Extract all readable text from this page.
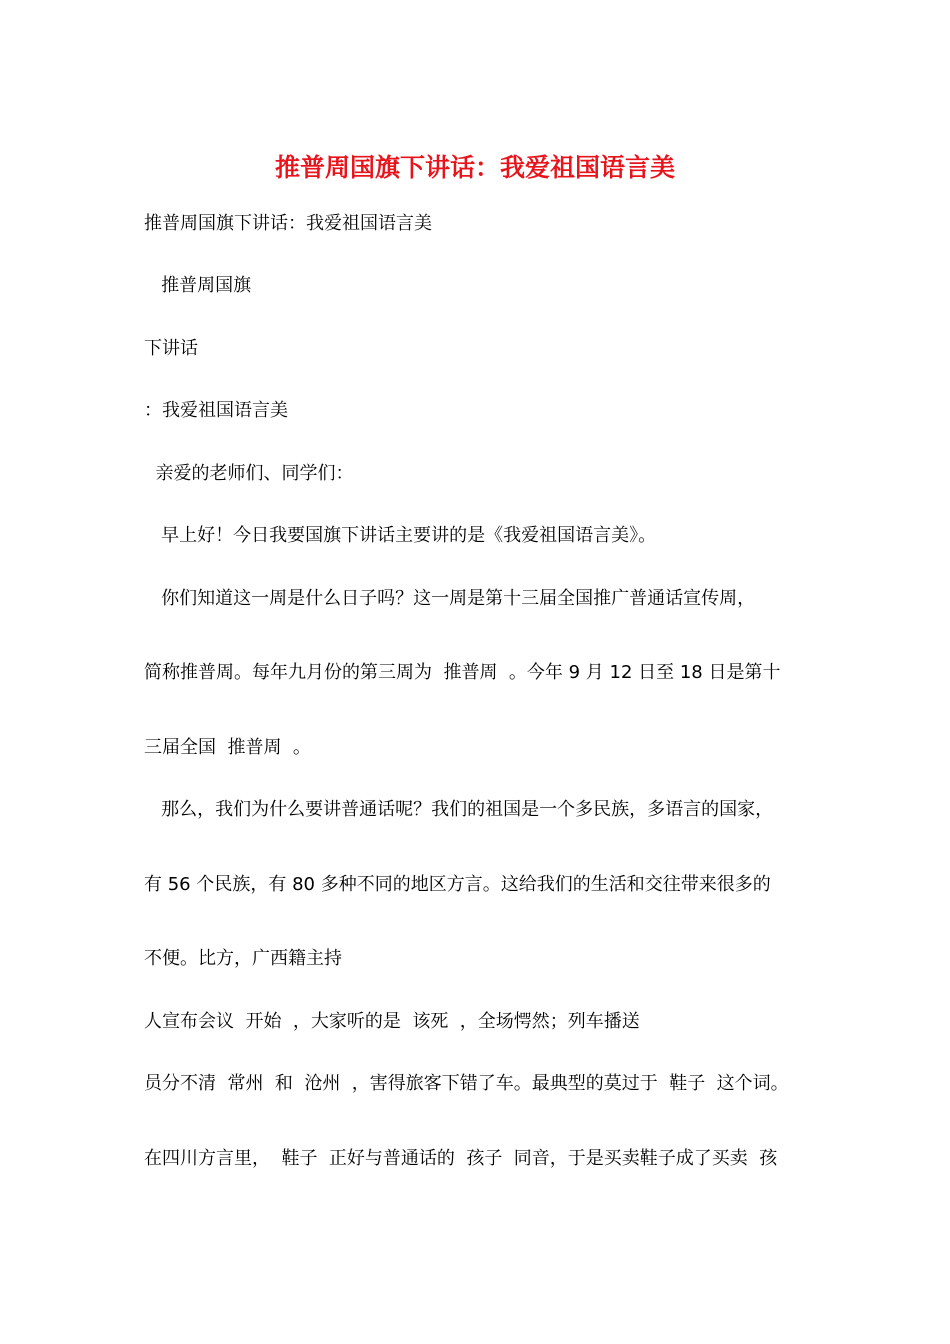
推普周国旗下讲话：我爱祖国语言美
推普周国旗下讲话：我爱祖国语言美
推普周国旗
下讲话
：我爱祖国语言美
亲爱的老师们、同学们：
早上好！今日我要国旗下讲话主要讲的是《我爱祖国语言美》。
你们知道这一周是什么日子吗？这一周是第十三届全国推广普通话宣传周，
简称推普周。每年九月份的第三周为  推普周  。今年 9 月 12 日至 18 日是第十
三届全国  推普周  。
那么，我们为什么要讲普通话呢？我们的祖国是一个多民族，多语言的国家，
有 56 个民族，有 80 多种不同的地区方言。这给我们的生活和交往带来很多的
不便。比方，广西籍主持
人宣布会议  开始  ，大家听的是  该死  ，全场愕然；列车播送
员分不清  常州  和  沧州  ，害得旅客下错了车。最典型的莫过于  鞋子  这个词。
在四川方言里，  鞋子  正好与普通话的  孩子  同音，于是买卖鞋子成了买卖  孩
